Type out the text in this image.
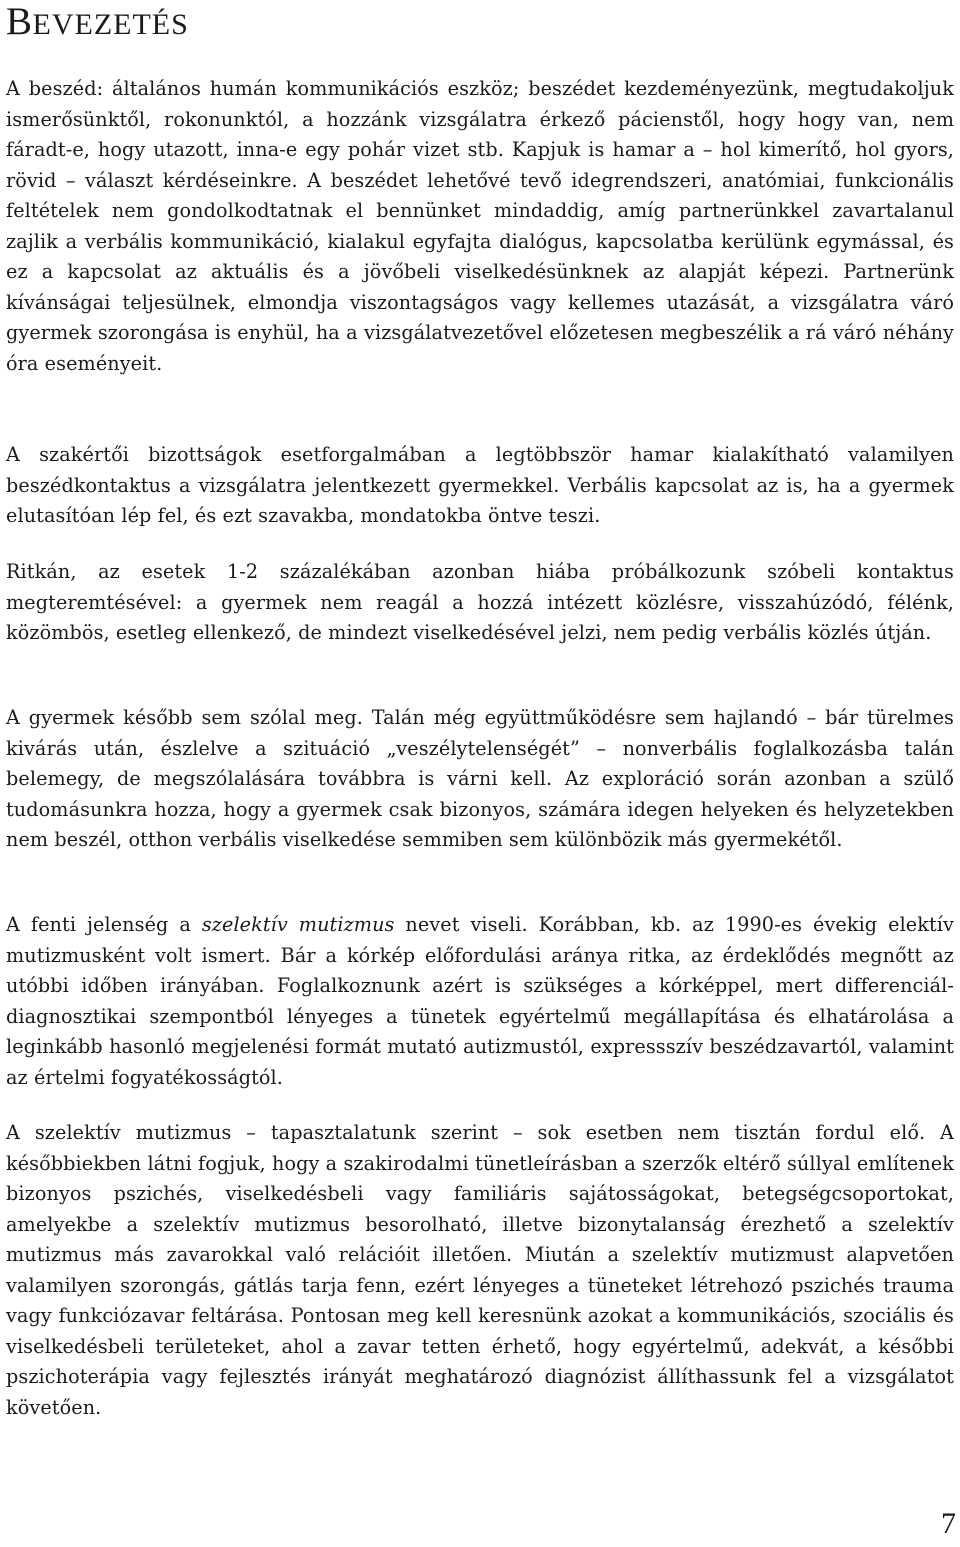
BEVEZETÉS

A beszéd: általános humán kommunikációs eszköz; beszédet kezdeményezünk, megtudakoljuk ismerősünktől, rokonunktól, a hozzánk vizsgálatra érkező pácienstől, hogy hogy van, nem fáradt-e, hogy utazott, inna-e egy pohár vizet stb. Kapjuk is hamar a – hol kimerítő, hol gyors, rövid – választ kérdéseinkre. A beszédet lehetővé tevő idegrendszeri, anatómiai, funkcionális feltételek nem gondolkodtatnak el bennünket mindaddig, amíg partnerünkkel zavartalanul zajlik a verbális kommunikáció, kialakul egyfajta dialógus, kapcsolatba kerülünk egymással, és ez a kapcsolat az aktuális és a jövőbeli viselkedésünknek az alapját képezi. Partnerünk kívánságai teljesülnek, elmondja viszontagságos vagy kellemes utazását, a vizsgálatra váró gyermek szorongása is enyhül, ha a vizsgálatvezetővel előzetesen megbeszélik a rá váró néhány óra eseményeit.

A szakértői bizottságok esetforgalmában a legtöbbször hamar kialakítható valamilyen beszédkontaktus a vizsgálatra jelentkezett gyermekkel. Verbális kapcsolat az is, ha a gyermek elutasítóan lép fel, és ezt szavakba, mondatokba öntve teszi.

Ritkán, az esetek 1-2 százalékában azonban hiába próbálkozunk szóbeli kontaktus megteremtésével: a gyermek nem reagál a hozzá intézett közlésre, visszahúzódó, félénk, közömbös, esetleg ellenkező, de mindezt viselkedésével jelzi, nem pedig verbális közlés útján.

A gyermek később sem szólal meg. Talán még együttműködésre sem hajlandó – bár türelmes kivárás után, észlelve a szituáció „veszélytelenségét” – nonverbális foglalkozásba talán belemegy, de megszólalására továbbra is várni kell. Az exploráció során azonban a szülő tudomásunkra hozza, hogy a gyermek csak bizonyos, számára idegen helyeken és helyzetekben nem beszél, otthon verbális viselkedése semmiben sem különbözik más gyermekétől.

A fenti jelenség a szelektív mutizmus nevet viseli. Korábban, kb. az 1990-es évekig elektív mutizmusként volt ismert. Bár a kórkép előfordulási aránya ritka, az érdeklődés megnőtt az utóbbi időben irányában. Foglalkoznunk azért is szükséges a kórképpel, mert differenciál-diagnosztikai szempontból lényeges a tünetek egyértelmű megállapítása és elhatárolása a leginkább hasonló megjelenési formát mutató autizmustól, expressszív beszédzavartól, valamint az értelmi fogyatékosságtól.

A szelektív mutizmus – tapasztalatunk szerint – sok esetben nem tisztán fordul elő. A későbbiekben látni fogjuk, hogy a szakirodalmi tünetleírásban a szerzők eltérő súllyal említenek bizonyos pszichés, viselkedésbeli vagy familiáris sajátosságokat, betegségcsoportokat, amelyekbe a szelektív mutizmus besorolható, illetve bizonytalanság érezhető a szelektív mutizmus más zavarokkal való relációit illetően. Miután a szelektív mutizmust alapvetően valamilyen szorongás, gátlás tarja fenn, ezért lényeges a tüneteket létrehozó pszichés trauma vagy funkciózavar feltárása. Pontosan meg kell keresnünk azokat a kommunikációs, szociális és viselkedésbeli területeket, ahol a zavar tetten érhető, hogy egyértelmű, adekvát, a későbbi pszichoterápia vagy fejlesztés irányát meghatározó diagnózist állíthassunk fel a vizsgálatot követően.

7
